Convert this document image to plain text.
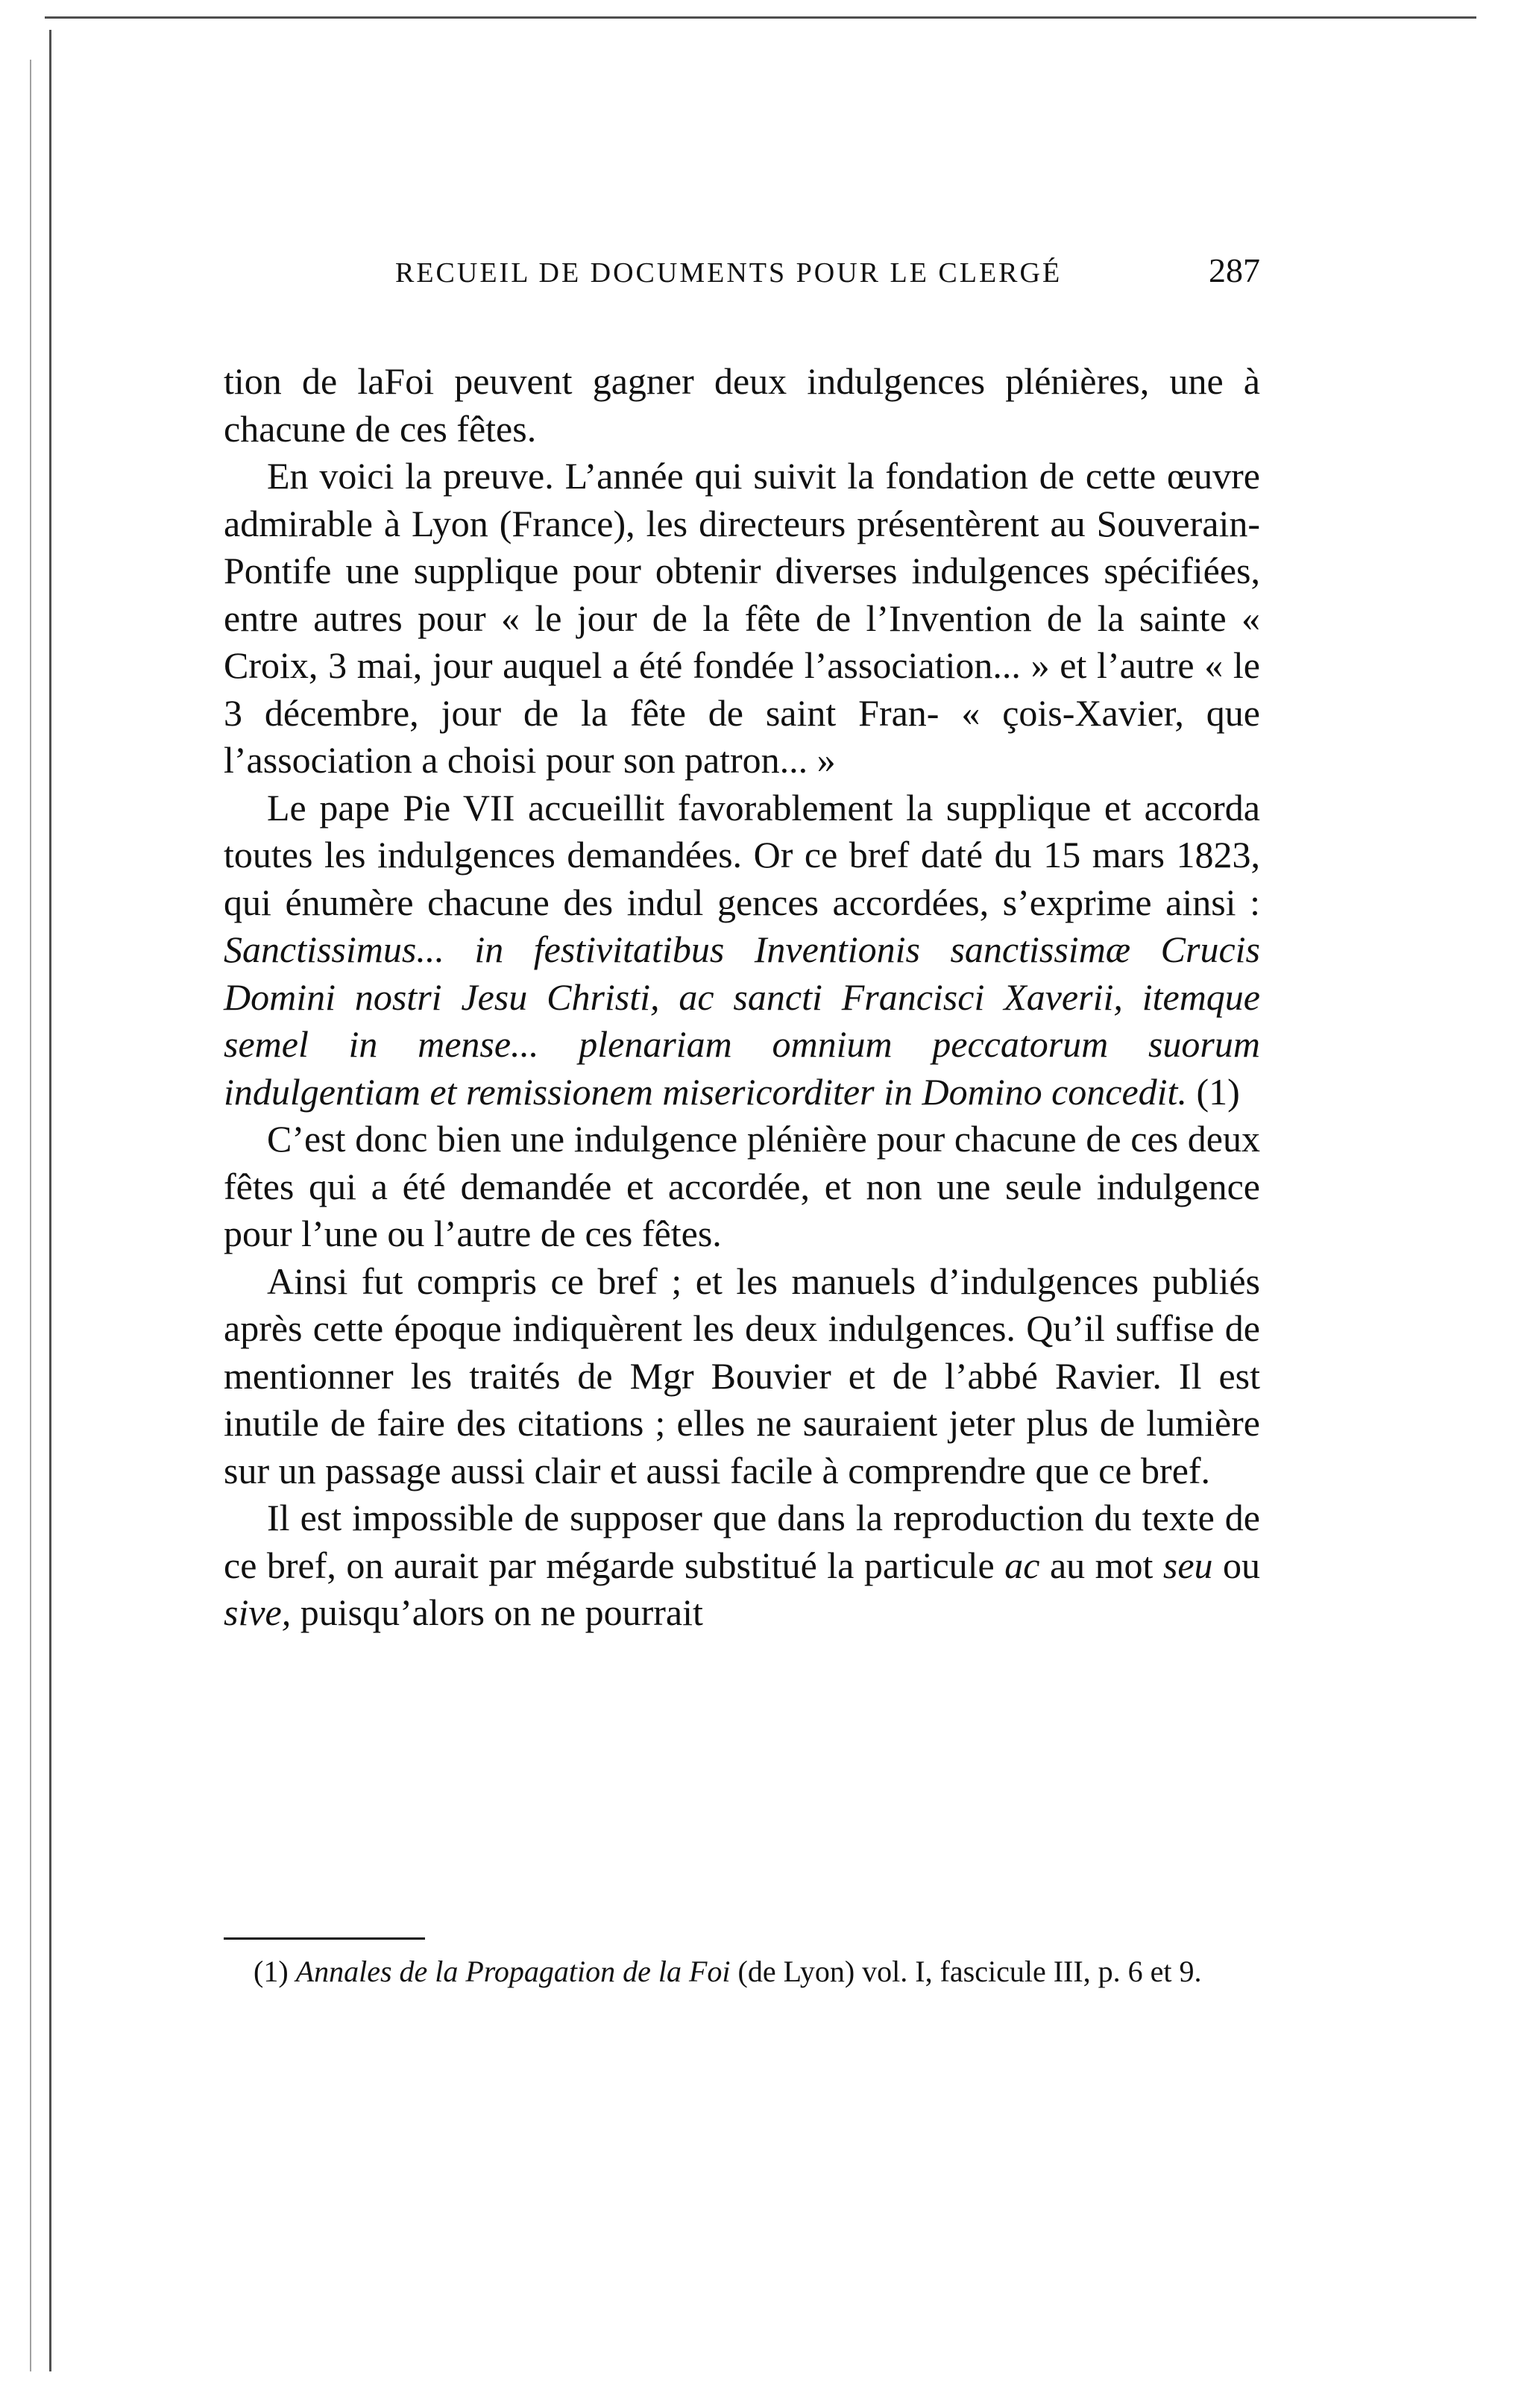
RECUEIL DE DOCUMENTS POUR LE CLERGÉ	287

tion de laFoi peuvent gagner deux indulgences plénières, une à chacune de ces fêtes.

En voici la preuve. L’année qui suivit la fondation de cette œuvre admirable à Lyon (France), les directeurs présentèrent au Souverain-Pontife une supplique pour obtenir diverses indulgences spécifiées, entre autres pour « le jour de la fête de l’Invention de la sainte « Croix, 3 mai, jour auquel a été fondée l’association... » et l’autre « le 3 décembre, jour de la fête de saint Fran- « çois-Xavier, que l’association a choisi pour son patron... »

Le pape Pie VII accueillit favorablement la supplique et accorda toutes les indulgences demandées. Or ce bref daté du 15 mars 1823, qui énumère chacune des indul gences accordées, s’exprime ainsi : Sanctissimus... in festivitatibus Inventionis sanctissimæ Crucis Domini nostri Jesu Christi, ac sancti Francisci Xaverii, itemque semel in mense... plenariam omnium peccatorum suorum indulgentiam et remissionem misericorditer in Domino concedit. (1)

C’est donc bien une indulgence plénière pour chacune de ces deux fêtes qui a été demandée et accordée, et non une seule indulgence pour l’une ou l’autre de ces fêtes.

Ainsi fut compris ce bref ; et les manuels d’indulgences publiés après cette époque indiquèrent les deux indulgences. Qu’il suffise de mentionner les traités de Mgr Bouvier et de l’abbé Ravier. Il est inutile de faire des citations ; elles ne sauraient jeter plus de lumière sur un passage aussi clair et aussi facile à comprendre que ce bref.

Il est impossible de supposer que dans la reproduction du texte de ce bref, on aurait par mégarde substitué la particule ac au mot seu ou sive, puisqu’alors on ne pourrait

(1) Annales de la Propagation de la Foi (de Lyon) vol. I, fascicule III, p. 6 et 9.
